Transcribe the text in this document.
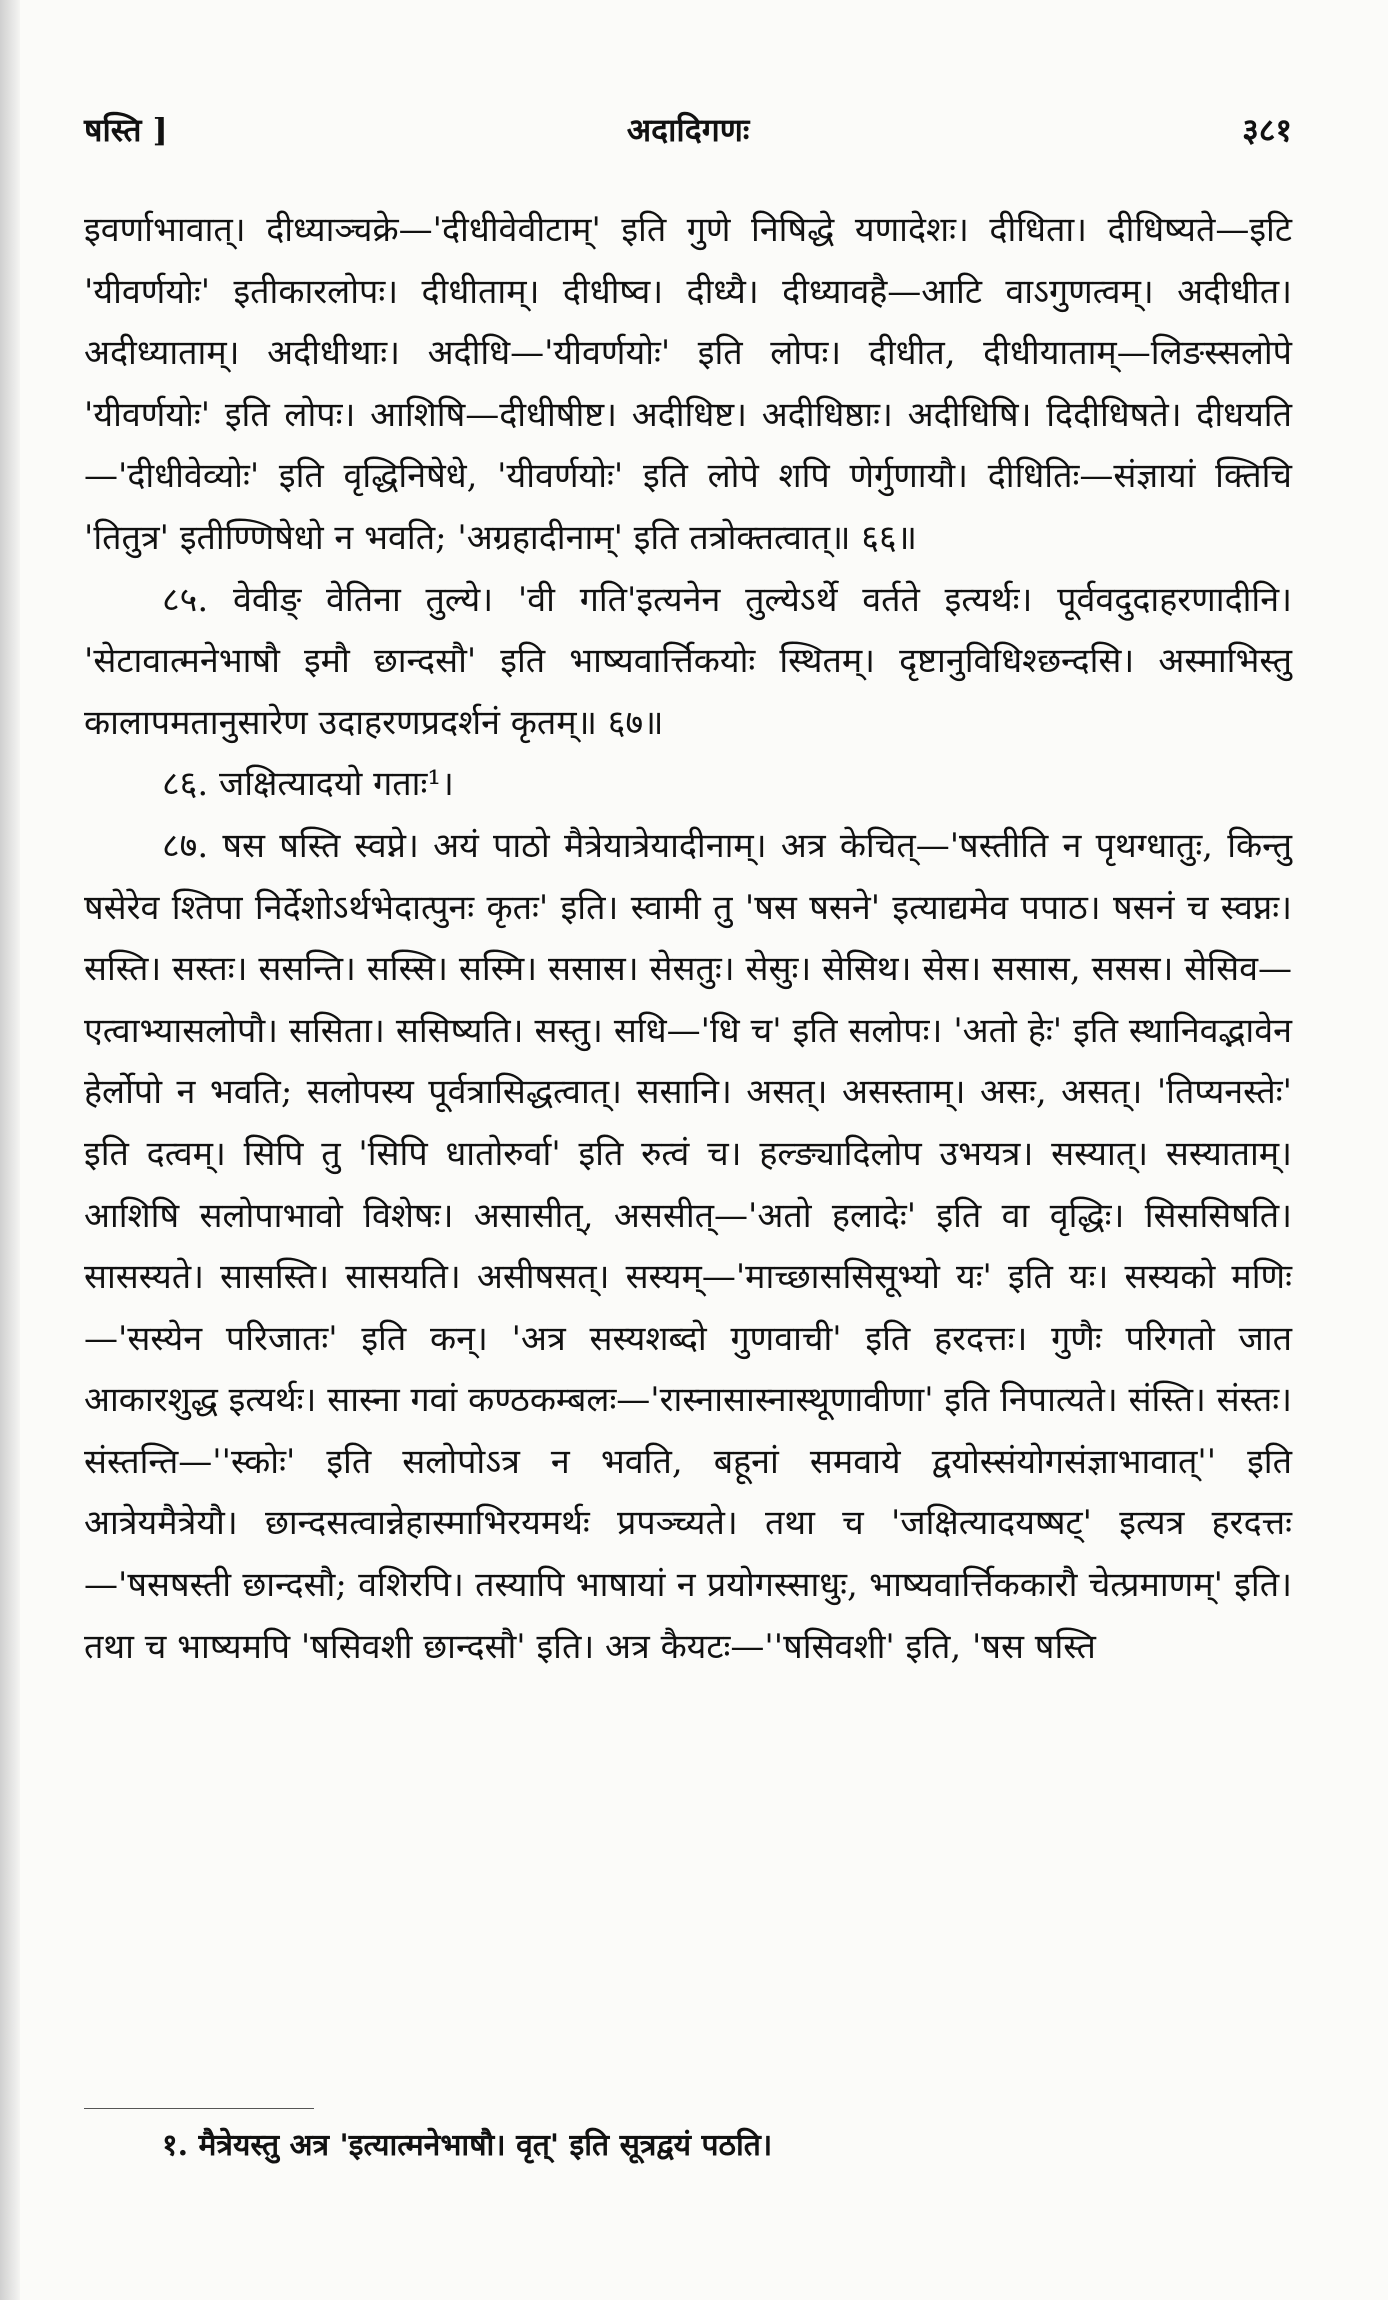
षस्ति ]	अदादिगणः	३८१

इवर्णाभावात्। दीध्याञ्चक्रे—'दीधीवेवीटाम्' इति गुणे निषिद्धे यणादेशः। दीधिता। दीधिष्यते—इटि 'यीवर्णयोः' इतीकारलोपः। दीधीताम्। दीधीष्व। दीध्यै। दीध्यावहै—आटि वाऽगुणत्वम्। अदीधीत। अदीध्याताम्। अदीधीथाः। अदीधि—'यीवर्णयोः' इति लोपः। दीधीत, दीधीयाताम्—लिङस्सलोपे 'यीवर्णयोः' इति लोपः। आशिषि—दीधीषीष्ट। अदीधिष्ट। अदीधिष्ठाः। अदीधिषि। दिदीधिषते। दीधयति—'दीधीवेव्योः' इति वृद्धिनिषेधे, 'यीवर्णयोः' इति लोपे शपि णेर्गुणायौ। दीधितिः—संज्ञायां क्तिचि 'तितुत्र' इतीण्णिषेधो न भवति; 'अग्रहादीनाम्' इति तत्रोक्तत्वात्॥ ६६॥

८५. वेवीङ् वेतिना तुल्ये। 'वी गति'इत्यनेन तुल्येऽर्थे वर्तते इत्यर्थः। पूर्ववदुदाहरणादीनि। 'सेटावात्मनेभाषौ इमौ छान्दसौ' इति भाष्यवार्त्तिकयोः स्थितम्। दृष्टानुविधिश्छन्दसि। अस्माभिस्तु कालापमतानुसारेण उदाहरणप्रदर्शनं कृतम्॥ ६७॥

८६. जक्षित्यादयो गताः¹।

८७. षस षस्ति स्वप्ने। अयं पाठो मैत्रेयात्रेयादीनाम्। अत्र केचित्—'षस्तीति न पृथग्धातुः, किन्तु षसेरेव श्तिपा निर्देशोऽर्थभेदात्पुनः कृतः' इति। स्वामी तु 'षस षसने' इत्याद्यमेव पपाठ। षसनं च स्वप्नः। सस्ति। सस्तः। ससन्ति। सस्सि। सस्मि। ससास। सेसतुः। सेसुः। सेसिथ। सेस। ससास, ससस। सेसिव—एत्वाभ्यासलोपौ। ससिता। ससिष्यति। सस्तु। सधि—'धि च' इति सलोपः। 'अतो हेः' इति स्थानिवद्भावेन हेर्लोपो न भवति; सलोपस्य पूर्वत्रासिद्धत्वात्। ससानि। असत्। असस्ताम्। असः, असत्। 'तिप्यनस्तेः' इति दत्वम्। सिपि तु 'सिपि धातोरुर्वा' इति रुत्वं च। हल्ङ्यादिलोप उभयत्र। सस्यात्। सस्याताम्। आशिषि सलोपाभावो विशेषः। असासीत्, अससीत्—'अतो हलादेः' इति वा वृद्धिः। सिससिषति। सासस्यते। सासस्ति। सासयति। असीषसत्। सस्यम्—'माच्छाससिसूभ्यो यः' इति यः। सस्यको मणिः—'सस्येन परिजातः' इति कन्। 'अत्र सस्यशब्दो गुणवाची' इति हरदत्तः। गुणैः परिगतो जात आकारशुद्ध इत्यर्थः। सास्ना गवां कण्ठकम्बलः—'रास्नासास्नास्थूणावीणा' इति निपात्यते। संस्ति। संस्तः। संस्तन्ति—''स्कोः' इति सलोपोऽत्र न भवति, बहूनां समवाये द्वयोस्संयोगसंज्ञाभावात्'' इति आत्रेयमैत्रेयौ। छान्दसत्वान्नेहास्माभिरयमर्थः प्रपञ्च्यते। तथा च 'जक्षित्यादयष्षट्' इत्यत्र हरदत्तः—'षसषस्ती छान्दसौ; वशिरपि। तस्यापि भाषायां न प्रयोगस्साधुः, भाष्यवार्त्तिककारौ चेत्प्रमाणम्' इति। तथा च भाष्यमपि 'षसिवशी छान्दसौ' इति। अत्र कैयटः—''षसिवशी' इति, 'षस षस्ति

१. मैत्रेयस्तु अत्र 'इत्यात्मनेभाषौ। वृत्' इति सूत्रद्वयं पठति।
